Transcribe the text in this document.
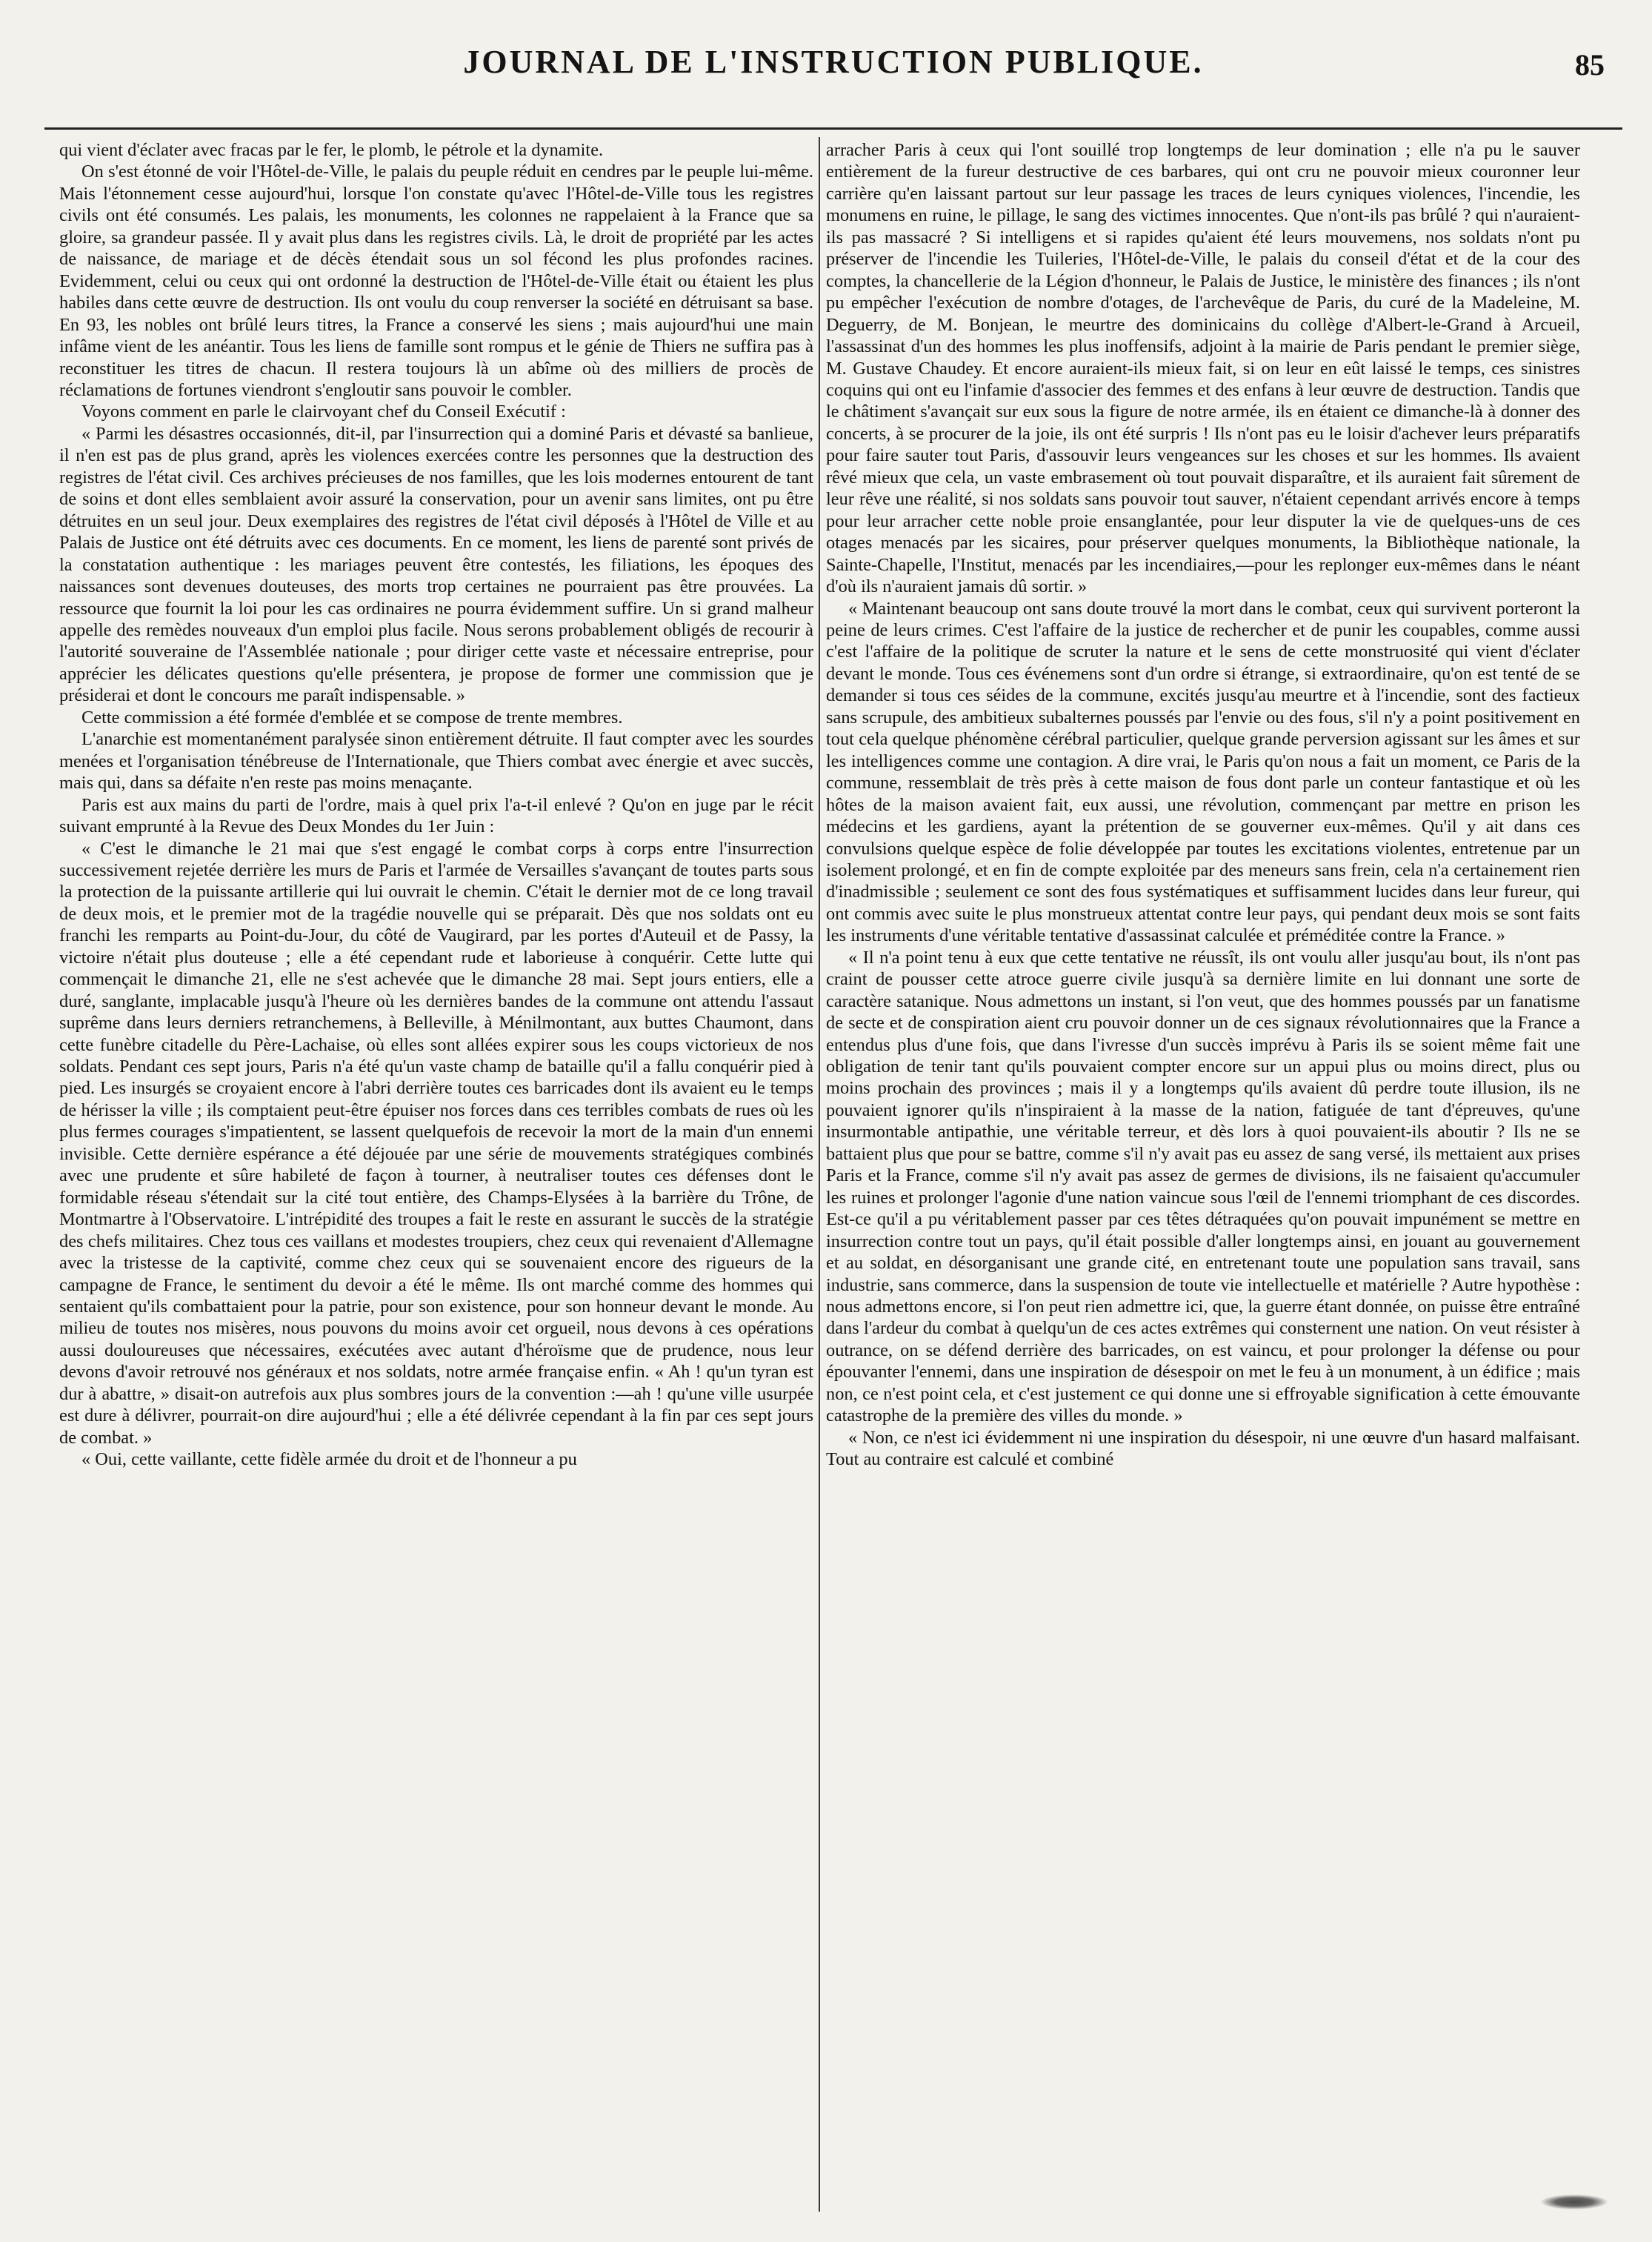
JOURNAL DE L'INSTRUCTION PUBLIQUE.	85

qui vient d'éclater avec fracas par le fer, le plomb, le pétrole et la dynamite.

On s'est étonné de voir l'Hôtel-de-Ville, le palais du peuple réduit en cendres par le peuple lui-même. Mais l'étonnement cesse aujourd'hui, lorsque l'on constate qu'avec l'Hôtel-de-Ville tous les registres civils ont été consumés. Les palais, les monuments, les colonnes ne rappelaient à la France que sa gloire, sa grandeur passée. Il y avait plus dans les registres civils. Là, le droit de propriété par les actes de naissance, de mariage et de décès étendait sous un sol fécond les plus profondes racines. Evidemment, celui ou ceux qui ont ordonné la destruction de l'Hôtel-de-Ville était ou étaient les plus habiles dans cette œuvre de destruction. Ils ont voulu du coup renverser la société en détruisant sa base. En 93, les nobles ont brûlé leurs titres, la France a conservé les siens ; mais aujourd'hui une main infâme vient de les anéantir. Tous les liens de famille sont rompus et le génie de Thiers ne suffira pas à reconstituer les titres de chacun. Il restera toujours là un abîme où des milliers de procès de réclamations de fortunes viendront s'engloutir sans pouvoir le combler.

Voyons comment en parle le clairvoyant chef du Conseil Exécutif :

« Parmi les désastres occasionnés, dit-il, par l'insurrection qui a dominé Paris et dévasté sa banlieue, il n'en est pas de plus grand, après les violences exercées contre les personnes que la destruction des registres de l'état civil. Ces archives précieuses de nos familles, que les lois modernes entourent de tant de soins et dont elles semblaient avoir assuré la conservation, pour un avenir sans limites, ont pu être détruites en un seul jour. Deux exemplaires des registres de l'état civil déposés à l'Hôtel de Ville et au Palais de Justice ont été détruits avec ces documents. En ce moment, les liens de parenté sont privés de la constatation authentique : les mariages peuvent être contestés, les filiations, les époques des naissances sont devenues douteuses, des morts trop certaines ne pourraient pas être prouvées. La ressource que fournit la loi pour les cas ordinaires ne pourra évidemment suffire. Un si grand malheur appelle des remèdes nouveaux d'un emploi plus facile. Nous serons probablement obligés de recourir à l'autorité souveraine de l'Assemblée nationale ; pour diriger cette vaste et nécessaire entreprise, pour apprécier les délicates questions qu'elle présentera, je propose de former une commission que je présiderai et dont le concours me paraît indispensable. »

Cette commission a été formée d'emblée et se compose de trente membres.

L'anarchie est momentanément paralysée sinon entièrement détruite. Il faut compter avec les sourdes menées et l'organisation ténébreuse de l'Internationale, que Thiers combat avec énergie et avec succès, mais qui, dans sa défaite n'en reste pas moins menaçante.

Paris est aux mains du parti de l'ordre, mais à quel prix l'a-t-il enlevé ? Qu'on en juge par le récit suivant emprunté à la Revue des Deux Mondes du 1er Juin :

« C'est le dimanche le 21 mai que s'est engagé le combat corps à corps entre l'insurrection successivement rejetée derrière les murs de Paris et l'armée de Versailles s'avançant de toutes parts sous la protection de la puissante artillerie qui lui ouvrait le chemin. C'était le dernier mot de ce long travail de deux mois, et le premier mot de la tragédie nouvelle qui se préparait. Dès que nos soldats ont eu franchi les remparts au Point-du-Jour, du côté de Vaugirard, par les portes d'Auteuil et de Passy, la victoire n'était plus douteuse ; elle a été cependant rude et laborieuse à conquérir. Cette lutte qui commençait le dimanche 21, elle ne s'est achevée que le dimanche 28 mai. Sept jours entiers, elle a duré, sanglante, implacable jusqu'à l'heure où les dernières bandes de la commune ont attendu l'assaut suprême dans leurs derniers retranchemens, à Belleville, à Ménilmontant, aux buttes Chaumont, dans cette funèbre citadelle du Père-Lachaise, où elles sont allées expirer sous les coups victorieux de nos soldats. Pendant ces sept jours, Paris n'a été qu'un vaste champ de bataille qu'il a fallu conquérir pied à pied. Les insurgés se croyaient encore à l'abri derrière toutes ces barricades dont ils avaient eu le temps de hérisser la ville ; ils comptaient peut-être épuiser nos forces dans ces terribles combats de rues où les plus fermes courages s'impatientent, se lassent quelquefois de recevoir la mort de la main d'un ennemi invisible. Cette dernière espérance a été déjouée par une série de mouvements stratégiques combinés avec une prudente et sûre habileté de façon à tourner, à neutraliser toutes ces défenses dont le formidable réseau s'étendait sur la cité tout entière, des Champs-Elysées à la barrière du Trône, de Montmartre à l'Observatoire. L'intrépidité des troupes a fait le reste en assurant le succès de la stratégie des chefs militaires. Chez tous ces vaillans et modestes troupiers, chez ceux qui revenaient d'Allemagne avec la tristesse de la captivité, comme chez ceux qui se souvenaient encore des rigueurs de la campagne de France, le sentiment du devoir a été le même. Ils ont marché comme des hommes qui sentaient qu'ils combattaient pour la patrie, pour son existence, pour son honneur devant le monde. Au milieu de toutes nos misères, nous pouvons du moins avoir cet orgueil, nous devons à ces opérations aussi douloureuses que nécessaires, exécutées avec autant d'héroïsme que de prudence, nous leur devons d'avoir retrouvé nos généraux et nos soldats, notre armée française enfin. « Ah ! qu'un tyran est dur à abattre, » disait-on autrefois aux plus sombres jours de la convention :—ah ! qu'une ville usurpée est dure à délivrer, pourrait-on dire aujourd'hui ; elle a été délivrée cependant à la fin par ces sept jours de combat. »

« Oui, cette vaillante, cette fidèle armée du droit et de l'honneur a pu

arracher Paris à ceux qui l'ont souillé trop longtemps de leur domination ; elle n'a pu le sauver entièrement de la fureur destructive de ces barbares, qui ont cru ne pouvoir mieux couronner leur carrière qu'en laissant partout sur leur passage les traces de leurs cyniques violences, l'incendie, les monumens en ruine, le pillage, le sang des victimes innocentes. Que n'ont-ils pas brûlé ? qui n'auraient-ils pas massacré ? Si intelligens et si rapides qu'aient été leurs mouvemens, nos soldats n'ont pu préserver de l'incendie les Tuileries, l'Hôtel-de-Ville, le palais du conseil d'état et de la cour des comptes, la chancellerie de la Légion d'honneur, le Palais de Justice, le ministère des finances ; ils n'ont pu empêcher l'exécution de nombre d'otages, de l'archevêque de Paris, du curé de la Madeleine, M. Deguerry, de M. Bonjean, le meurtre des dominicains du collège d'Albert-le-Grand à Arcueil, l'assassinat d'un des hommes les plus inoffensifs, adjoint à la mairie de Paris pendant le premier siège, M. Gustave Chaudey. Et encore auraient-ils mieux fait, si on leur en eût laissé le temps, ces sinistres coquins qui ont eu l'infamie d'associer des femmes et des enfans à leur œuvre de destruction. Tandis que le châtiment s'avançait sur eux sous la figure de notre armée, ils en étaient ce dimanche-là à donner des concerts, à se procurer de la joie, ils ont été surpris ! Ils n'ont pas eu le loisir d'achever leurs préparatifs pour faire sauter tout Paris, d'assouvir leurs vengeances sur les choses et sur les hommes. Ils avaient rêvé mieux que cela, un vaste embrasement où tout pouvait disparaître, et ils auraient fait sûrement de leur rêve une réalité, si nos soldats sans pouvoir tout sauver, n'étaient cependant arrivés encore à temps pour leur arracher cette noble proie ensanglantée, pour leur disputer la vie de quelques-uns de ces otages menacés par les sicaires, pour préserver quelques monuments, la Bibliothèque nationale, la Sainte-Chapelle, l'Institut, menacés par les incendiaires,—pour les replonger eux-mêmes dans le néant d'où ils n'auraient jamais dû sortir. »

« Maintenant beaucoup ont sans doute trouvé la mort dans le combat, ceux qui survivent porteront la peine de leurs crimes. C'est l'affaire de la justice de rechercher et de punir les coupables, comme aussi c'est l'affaire de la politique de scruter la nature et le sens de cette monstruosité qui vient d'éclater devant le monde. Tous ces événemens sont d'un ordre si étrange, si extraordinaire, qu'on est tenté de se demander si tous ces séides de la commune, excités jusqu'au meurtre et à l'incendie, sont des factieux sans scrupule, des ambitieux subalternes poussés par l'envie ou des fous, s'il n'y a point positivement en tout cela quelque phénomène cérébral particulier, quelque grande perversion agissant sur les âmes et sur les intelligences comme une contagion. A dire vrai, le Paris qu'on nous a fait un moment, ce Paris de la commune, ressemblait de très près à cette maison de fous dont parle un conteur fantastique et où les hôtes de la maison avaient fait, eux aussi, une révolution, commençant par mettre en prison les médecins et les gardiens, ayant la prétention de se gouverner eux-mêmes. Qu'il y ait dans ces convulsions quelque espèce de folie développée par toutes les excitations violentes, entretenue par un isolement prolongé, et en fin de compte exploitée par des meneurs sans frein, cela n'a certainement rien d'inadmissible ; seulement ce sont des fous systématiques et suffisamment lucides dans leur fureur, qui ont commis avec suite le plus monstrueux attentat contre leur pays, qui pendant deux mois se sont faits les instruments d'une véritable tentative d'assassinat calculée et préméditée contre la France. »

« Il n'a point tenu à eux que cette tentative ne réussît, ils ont voulu aller jusqu'au bout, ils n'ont pas craint de pousser cette atroce guerre civile jusqu'à sa dernière limite en lui donnant une sorte de caractère satanique. Nous admettons un instant, si l'on veut, que des hommes poussés par un fanatisme de secte et de conspiration aient cru pouvoir donner un de ces signaux révolutionnaires que la France a entendus plus d'une fois, que dans l'ivresse d'un succès imprévu à Paris ils se soient même fait une obligation de tenir tant qu'ils pouvaient compter encore sur un appui plus ou moins direct, plus ou moins prochain des provinces ; mais il y a longtemps qu'ils avaient dû perdre toute illusion, ils ne pouvaient ignorer qu'ils n'inspiraient à la masse de la nation, fatiguée de tant d'épreuves, qu'une insurmontable antipathie, une véritable terreur, et dès lors à quoi pouvaient-ils aboutir ? Ils ne se battaient plus que pour se battre, comme s'il n'y avait pas eu assez de sang versé, ils mettaient aux prises Paris et la France, comme s'il n'y avait pas assez de germes de divisions, ils ne faisaient qu'accumuler les ruines et prolonger l'agonie d'une nation vaincue sous l'œil de l'ennemi triomphant de ces discordes. Est-ce qu'il a pu véritablement passer par ces têtes détraquées qu'on pouvait impunément se mettre en insurrection contre tout un pays, qu'il était possible d'aller longtemps ainsi, en jouant au gouvernement et au soldat, en désorganisant une grande cité, en entretenant toute une population sans travail, sans industrie, sans commerce, dans la suspension de toute vie intellectuelle et matérielle ? Autre hypothèse : nous admettons encore, si l'on peut rien admettre ici, que, la guerre étant donnée, on puisse être entraîné dans l'ardeur du combat à quelqu'un de ces actes extrêmes qui consternent une nation. On veut résister à outrance, on se défend derrière des barricades, on est vaincu, et pour prolonger la défense ou pour épouvanter l'ennemi, dans une inspiration de désespoir on met le feu à un monument, à un édifice ; mais non, ce n'est point cela, et c'est justement ce qui donne une si effroyable signification à cette émouvante catastrophe de la première des villes du monde. »

« Non, ce n'est ici évidemment ni une inspiration du désespoir, ni une œuvre d'un hasard malfaisant. Tout au contraire est calculé et combiné
